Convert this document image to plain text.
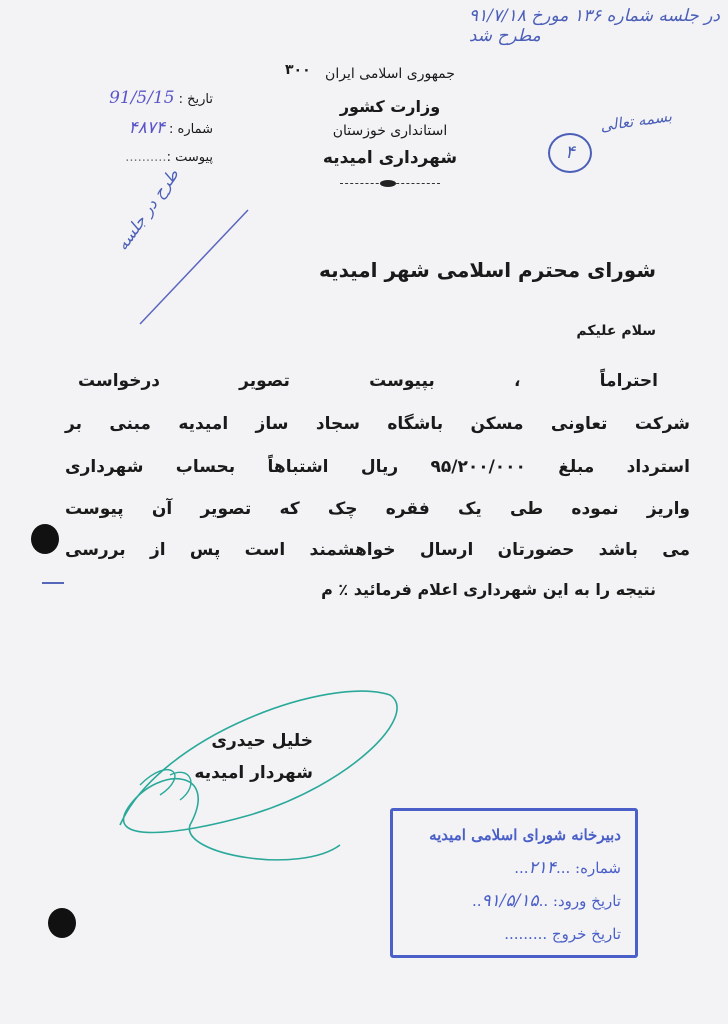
در جلسه شماره ۱۳۶ مورخ ۹۱/۷/۱۸
مطرح شد
۳۰۰	جمهوری اسلامی ایران
وزارت کشور
استانداری خوزستان
شهرداری امیدیه
تاریخ :91/5/15
شماره :۴۸۷۴
پیوست :..........
بسمه تعالی
۴
طرح در جلسه
شورای محترم اسلامی شهر امیدیه
سلام علیکم
احتراماً ، بپیوست تصویر درخواست
شرکت تعاونی مسکن باشگاه سجاد ساز امیدیه مبنی بر
استرداد مبلغ ۹۵/۲۰۰/۰۰۰ ریال اشتباهاً بحساب شهرداری
واریز نموده طی یک فقره چک که تصویر آن پیوست
می باشد حضورتان ارسال خواهشمند است پس از بررسی
نتیجه را به این شهرداری اعلام فرمائید ٪ م
خلیل حیدری
شهردار امیدیه
دبیرخانه شورای اسلامی امیدیه
شماره: ...۲۱۴...
تاریخ ورود: ..۹۱/۵/۱۵..
تاریخ خروج .........
